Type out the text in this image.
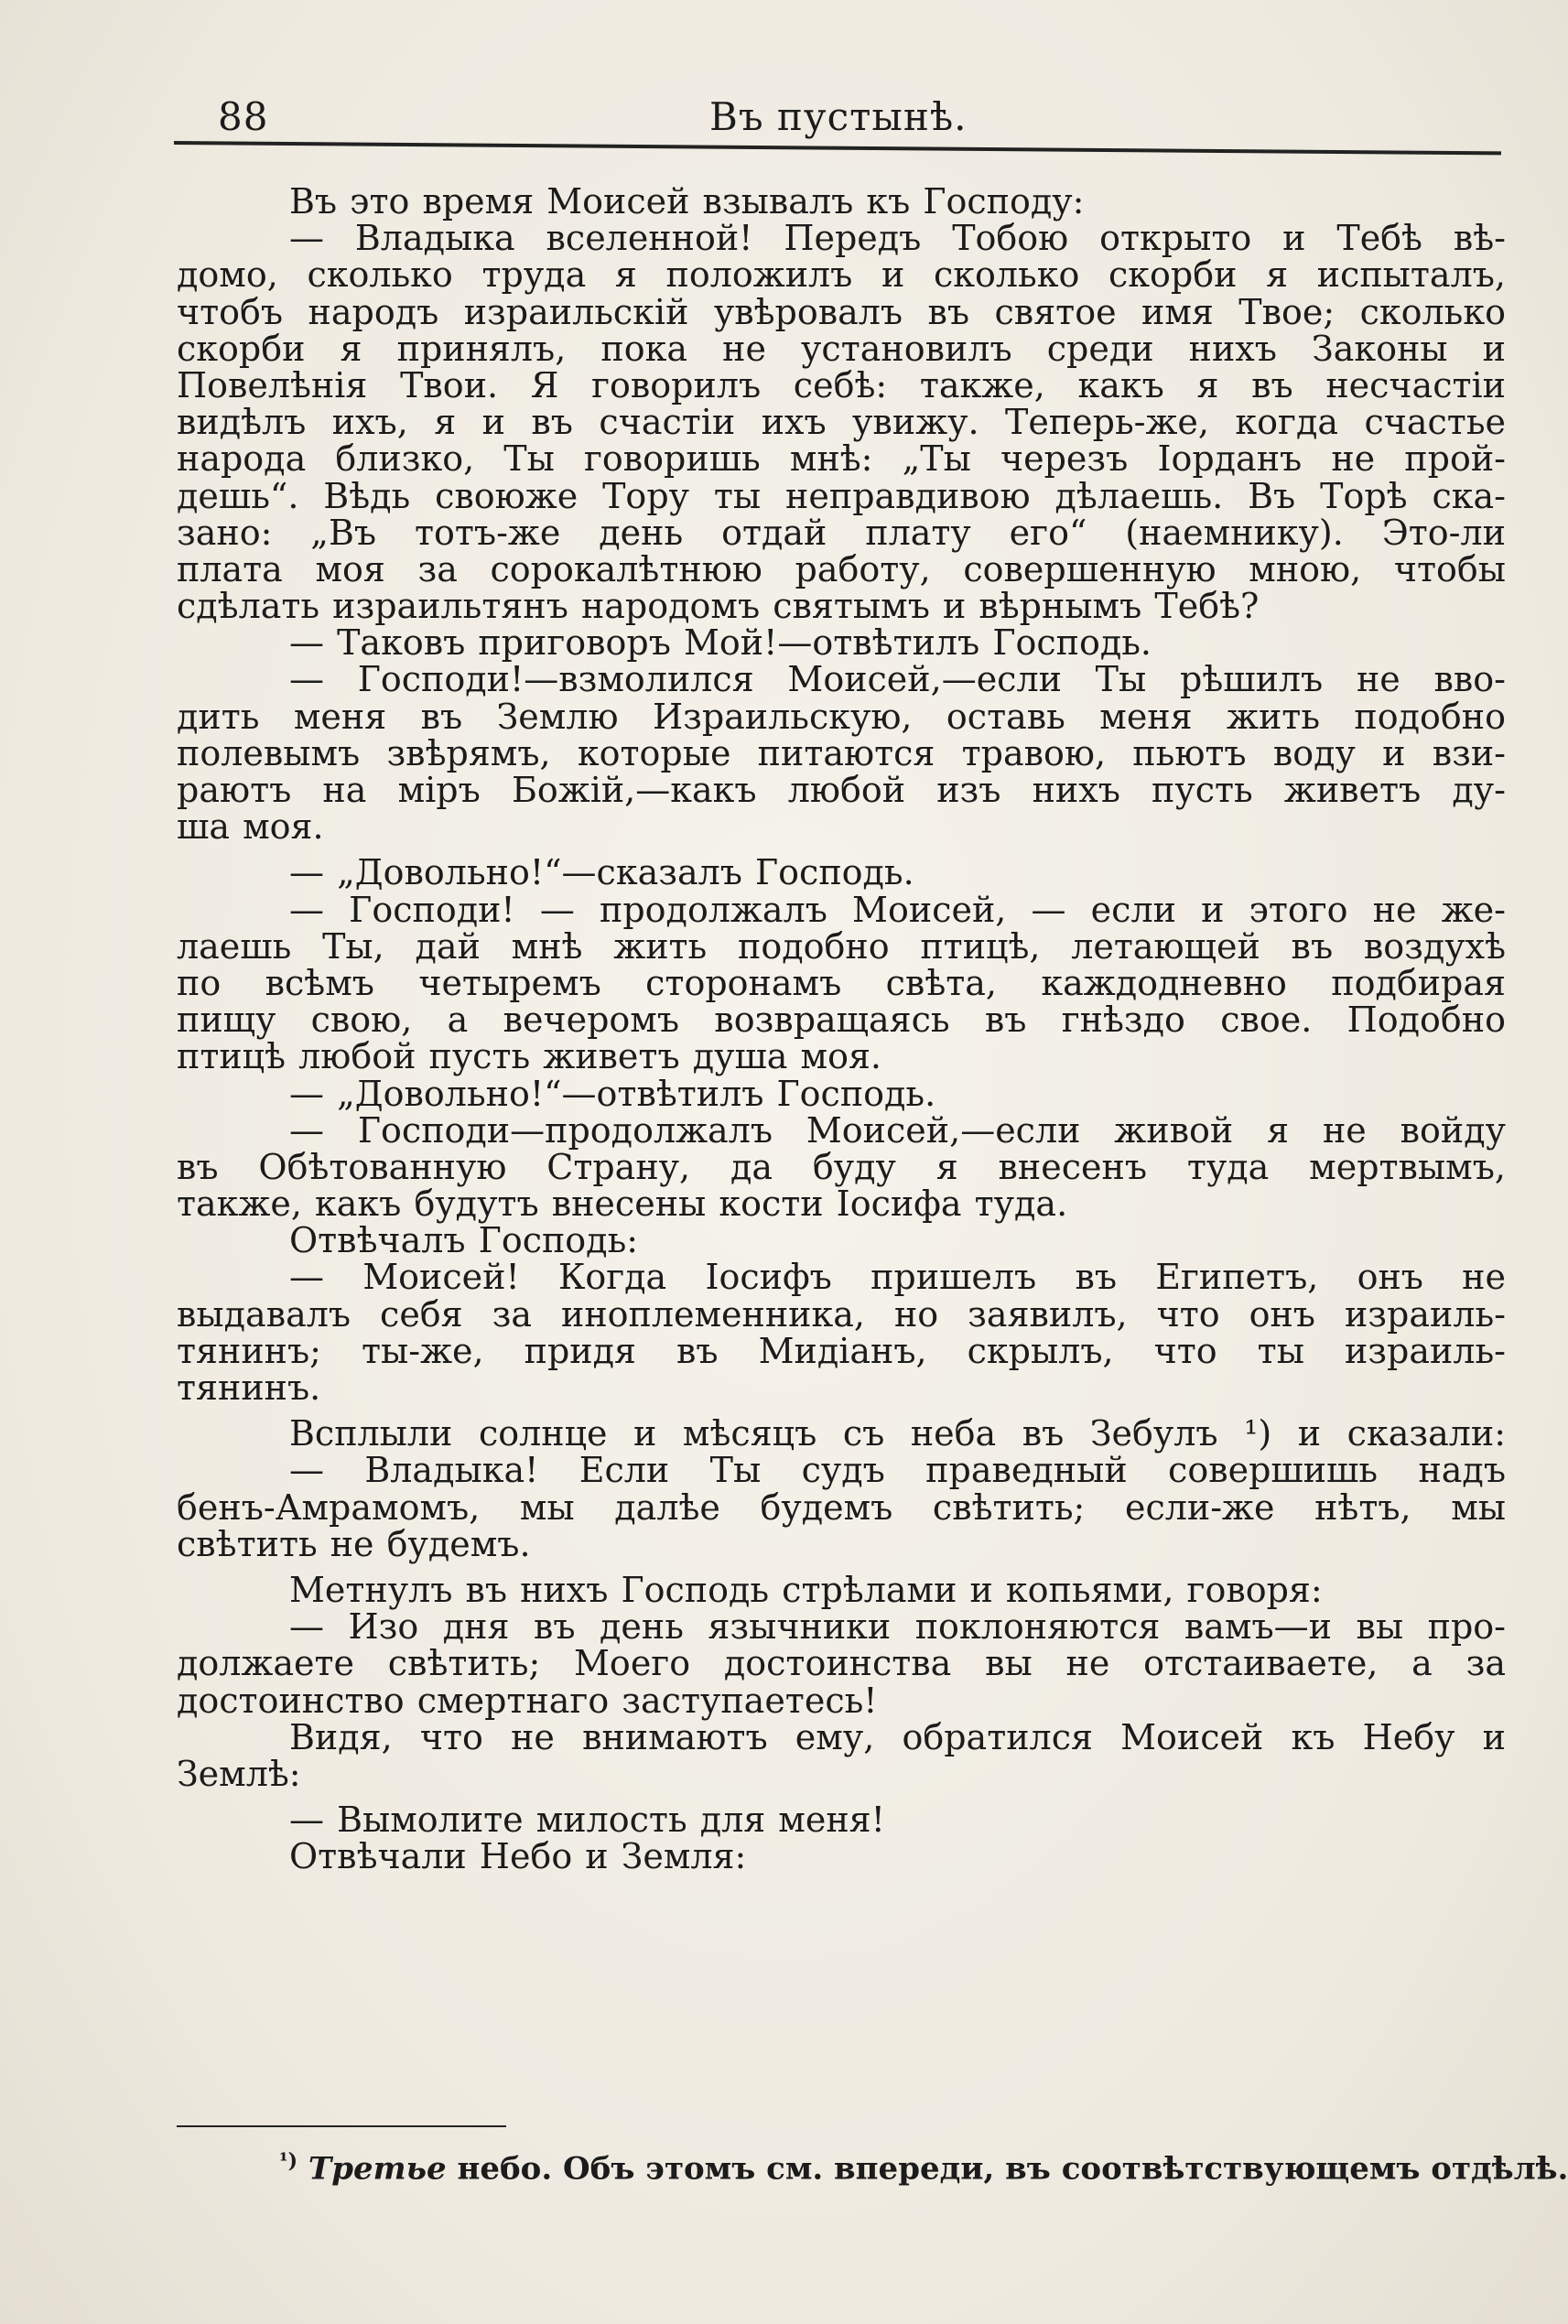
88	Въ пустынѣ.
Въ это время Моисей взывалъ къ Господу:
— Владыка вселенной! Передъ Тобою открыто и Тебѣ вѣ-
домо, сколько труда я положилъ и сколько скорби я испыталъ,
чтобъ народъ израильскій увѣровалъ въ святое имя Твое; сколько
скорби я принялъ, пока не установилъ среди нихъ Законы и
Повелѣнія Твои. Я говорилъ себѣ: также, какъ я въ несчастіи
видѣлъ ихъ, я и въ счастіи ихъ увижу. Теперь-же, когда счастье
народа близко, Ты говоришь мнѣ: „Ты черезъ Іорданъ не прой-
дешь“. Вѣдь своюже Тору ты неправдивою дѣлаешь. Въ Торѣ ска-
зано: „Въ тотъ-же день отдай плату его“ (наемнику). Это-ли
плата моя за сорокалѣтнюю работу, совершенную мною, чтобы
сдѣлать израильтянъ народомъ святымъ и вѣрнымъ Тебѣ?
— Таковъ приговоръ Мой!—отвѣтилъ Господь.
— Господи!—взмолился Моисей,—если Ты рѣшилъ не вво-
дить меня въ Землю Израильскую, оставь меня жить подобно
полевымъ звѣрямъ, которые питаются травою, пьютъ воду и взи-
раютъ на міръ Божій,—какъ любой изъ нихъ пусть живетъ ду-
ша моя.
— „Довольно!“—сказалъ Господь.
— Господи! — продолжалъ Моисей, — если и этого не же-
лаешь Ты, дай мнѣ жить подобно птицѣ, летающей въ воздухѣ
по всѣмъ четыремъ сторонамъ свѣта, каждодневно подбирая
пищу свою, а вечеромъ возвращаясь въ гнѣздо свое. Подобно
птицѣ любой пусть живетъ душа моя.
— „Довольно!“—отвѣтилъ Господь.
— Господи—продолжалъ Моисей,—если живой я не войду
въ Обѣтованную Страну, да буду я внесенъ туда мертвымъ,
также, какъ будутъ внесены кости Іосифа туда.
Отвѣчалъ Господь:
— Моисей! Когда Іосифъ пришелъ въ Египетъ, онъ не
выдавалъ себя за иноплеменника, но заявилъ, что онъ израиль-
тянинъ; ты-же, придя въ Мидіанъ, скрылъ, что ты израиль-
тянинъ.
Всплыли солнце и мѣсяцъ съ неба въ Зебулъ ¹) и сказали:
— Владыка! Если Ты судъ праведный совершишь надъ
бенъ-Амрамомъ, мы далѣе будемъ свѣтить; если-же нѣтъ, мы
свѣтить не будемъ.
Метнулъ въ нихъ Господь стрѣлами и копьями, говоря:
— Изо дня въ день язычники поклоняются вамъ—и вы про-
должаете свѣтить; Моего достоинства вы не отстаиваете, а за
достоинство смертнаго заступаетесь!
Видя, что не внимаютъ ему, обратился Моисей къ Небу и
Землѣ:
— Вымолите милость для меня!
Отвѣчали Небо и Земля:
$^{^1)}$ Третье небо. Объ этомъ см. впереди, въ соотвѣтствующемъ отдѣлѣ.
